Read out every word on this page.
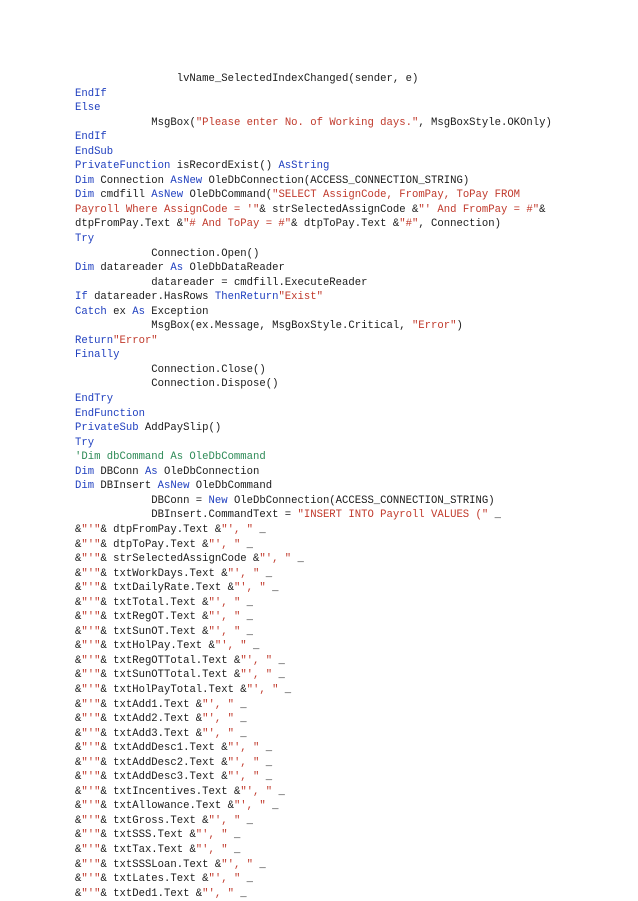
lvName_SelectedIndexChanged(sender, e)
EndIf
Else
MsgBox("Please enter No. of Working days.", MsgBoxStyle.OKOnly)
EndIf
EndSub
PrivateFunction isRecordExist() AsString
Dim Connection AsNew OleDbConnection(ACCESS_CONNECTION_STRING)
Dim cmdfill AsNew OleDbCommand("SELECT AssignCode, FromPay, ToPay FROM
Payroll Where AssignCode = '"& strSelectedAssignCode &"' And FromPay = #"&
dtpFromPay.Text &"# And ToPay = #"& dtpToPay.Text &"#", Connection)
Try
Connection.Open()
Dim datareader As OleDbDataReader
datareader = cmdfill.ExecuteReader
If datareader.HasRows ThenReturn"Exist"
Catch ex As Exception
MsgBox(ex.Message, MsgBoxStyle.Critical, "Error")
Return"Error"
Finally
Connection.Close()
Connection.Dispose()
EndTry
EndFunction
PrivateSub AddPaySlip()
Try
'Dim dbCommand As OleDbCommand
Dim DBConn As OleDbConnection
Dim DBInsert AsNew OleDbCommand
DBConn = New OleDbConnection(ACCESS_CONNECTION_STRING)
DBInsert.CommandText = "INSERT INTO Payroll VALUES (" _
&"'"& dtpFromPay.Text &"', " _
&"'"& dtpToPay.Text &"', " _
&"'"& strSelectedAssignCode &"', " _
&"'"& txtWorkDays.Text &"', " _
&"'"& txtDailyRate.Text &"', " _
&"'"& txtTotal.Text &"', " _
&"'"& txtRegOT.Text &"', " _
&"'"& txtSunOT.Text &"', " _
&"'"& txtHolPay.Text &"', " _
&"'"& txtRegOTTotal.Text &"', " _
&"'"& txtSunOTTotal.Text &"', " _
&"'"& txtHolPayTotal.Text &"', " _
&"'"& txtAdd1.Text &"', " _
&"'"& txtAdd2.Text &"', " _
&"'"& txtAdd3.Text &"', " _
&"'"& txtAddDesc1.Text &"', " _
&"'"& txtAddDesc2.Text &"', " _
&"'"& txtAddDesc3.Text &"', " _
&"'"& txtIncentives.Text &"', " _
&"'"& txtAllowance.Text &"', " _
&"'"& txtGross.Text &"', " _
&"'"& txtSSS.Text &"', " _
&"'"& txtTax.Text &"', " _
&"'"& txtSSSLoan.Text &"', " _
&"'"& txtLates.Text &"', " _
&"'"& txtDed1.Text &"', " _
